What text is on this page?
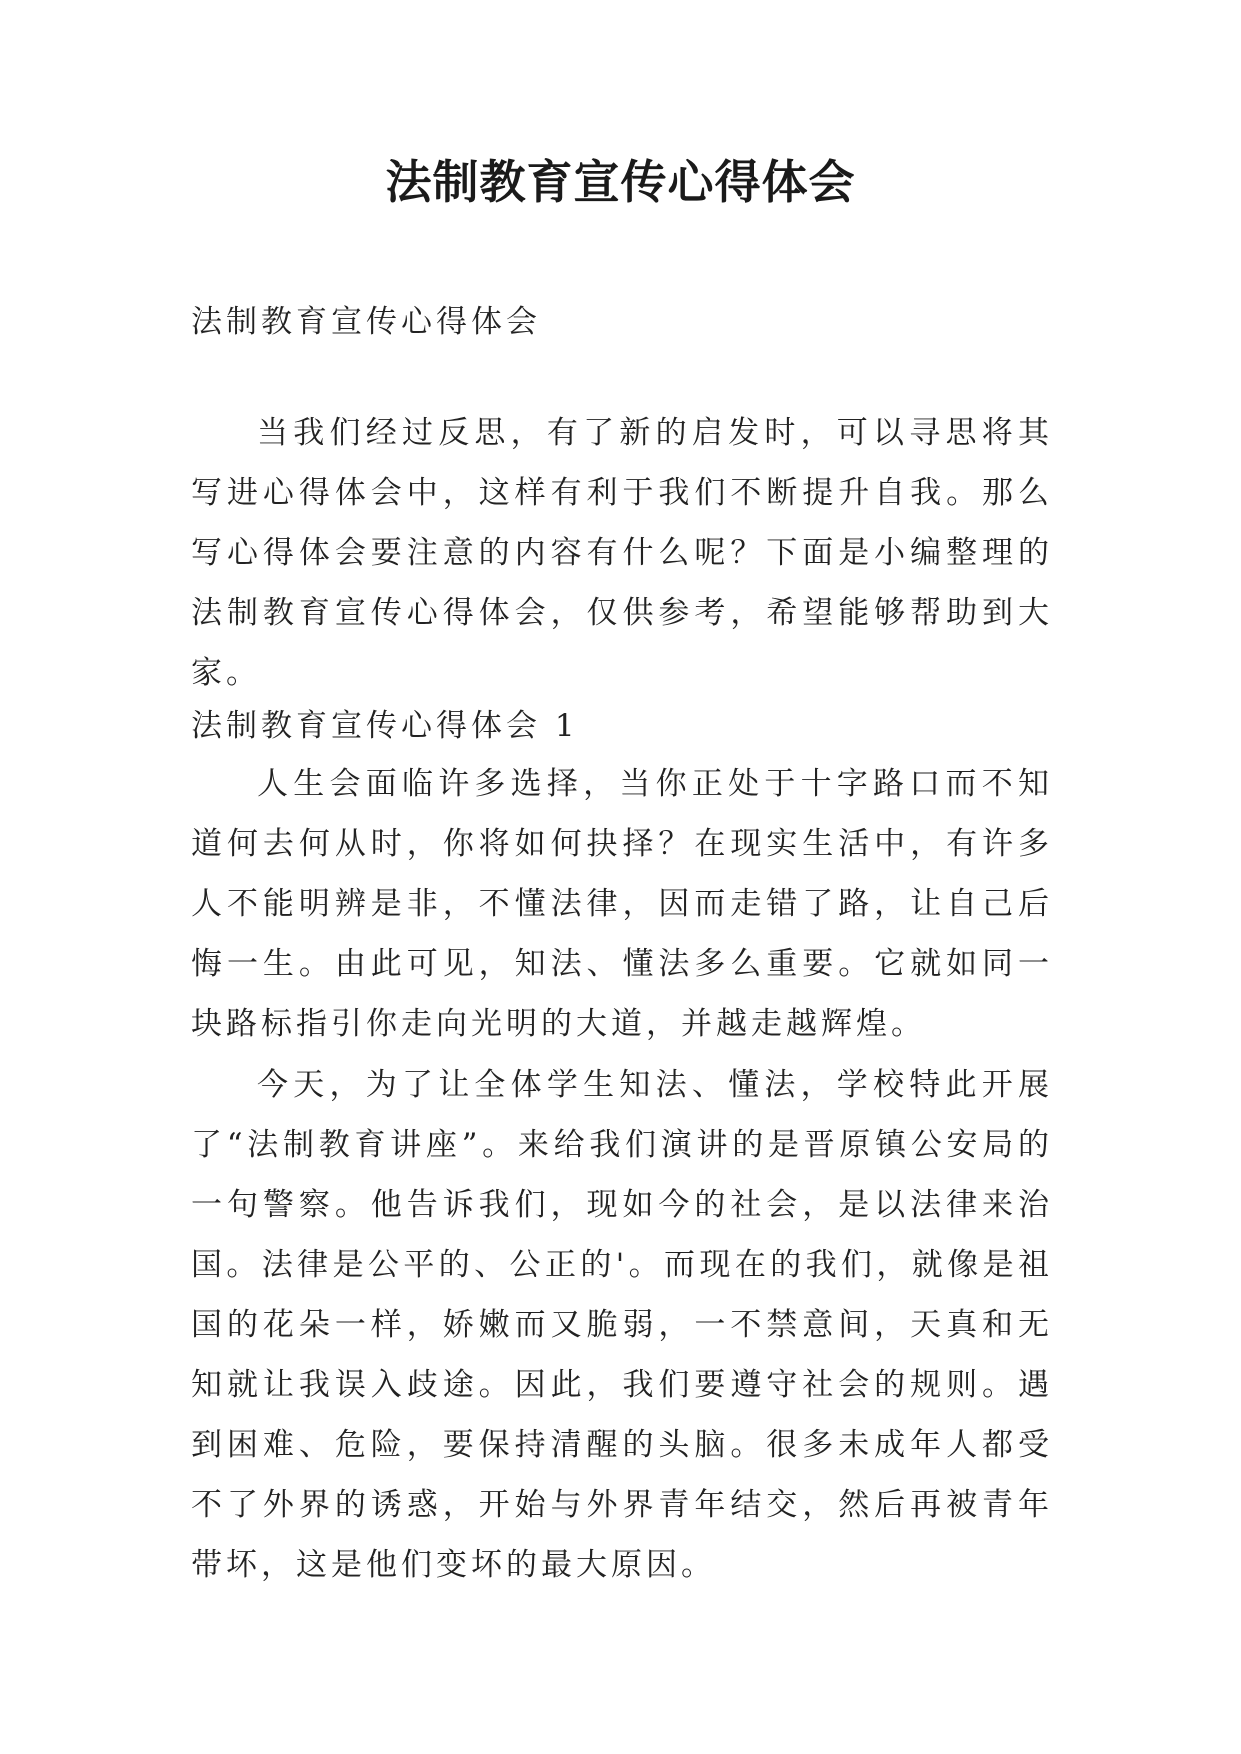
法制教育宣传心得体会

法制教育宣传心得体会

当我们经过反思，有了新的启发时，可以寻思将其写进心得体会中，这样有利于我们不断提升自我。那么写心得体会要注意的内容有什么呢？下面是小编整理的法制教育宣传心得体会，仅供参考，希望能够帮助到大家。

法制教育宣传心得体会 1

人生会面临许多选择，当你正处于十字路口而不知道何去何从时，你将如何抉择？在现实生活中，有许多人不能明辨是非，不懂法律，因而走错了路，让自己后悔一生。由此可见，知法、懂法多么重要。它就如同一块路标指引你走向光明的大道，并越走越辉煌。

今天，为了让全体学生知法、懂法，学校特此开展了“法制教育讲座”。来给我们演讲的是晋原镇公安局的一句警察。他告诉我们，现如今的社会，是以法律来治国。法律是公平的、公正的'。而现在的我们，就像是祖国的花朵一样，娇嫩而又脆弱，一不禁意间，天真和无知就让我误入歧途。因此，我们要遵守社会的规则。遇到困难、危险，要保持清醒的头脑。很多未成年人都受不了外界的诱惑，开始与外界青年结交，然后再被青年带坏，这是他们变坏的最大原因。
